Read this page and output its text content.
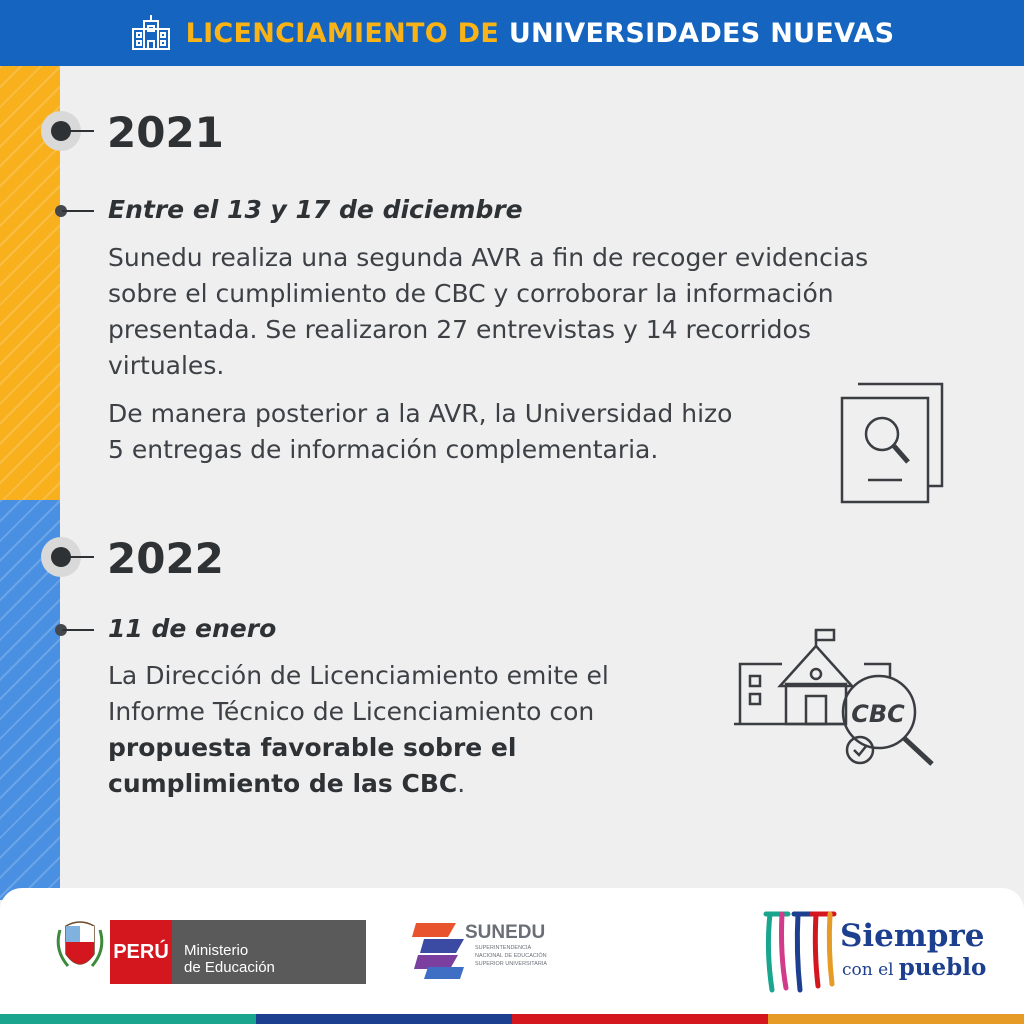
LICENCIAMIENTO DE UNIVERSIDADES NUEVAS
2021
Entre el 13 y 17 de diciembre
Sunedu realiza una segunda AVR a fin de recoger evidencias sobre el cumplimiento de CBC y corroborar la información presentada. Se realizaron 27 entrevistas y 14 recorridos virtuales.
De manera posterior a la AVR, la Universidad hizo 5 entregas de información complementaria.
2022
11 de enero
La Dirección de Licenciamiento emite el Informe Técnico de Licenciamiento con propuesta favorable sobre el cumplimiento de las CBC.
CBC
PERÚ Ministerio
de Educación
SUNEDU
SUPERINTENDENCIA NACIONAL DE EDUCACIÓN SUPERIOR UNIVERSITARIA
Siempre
con el pueblo
